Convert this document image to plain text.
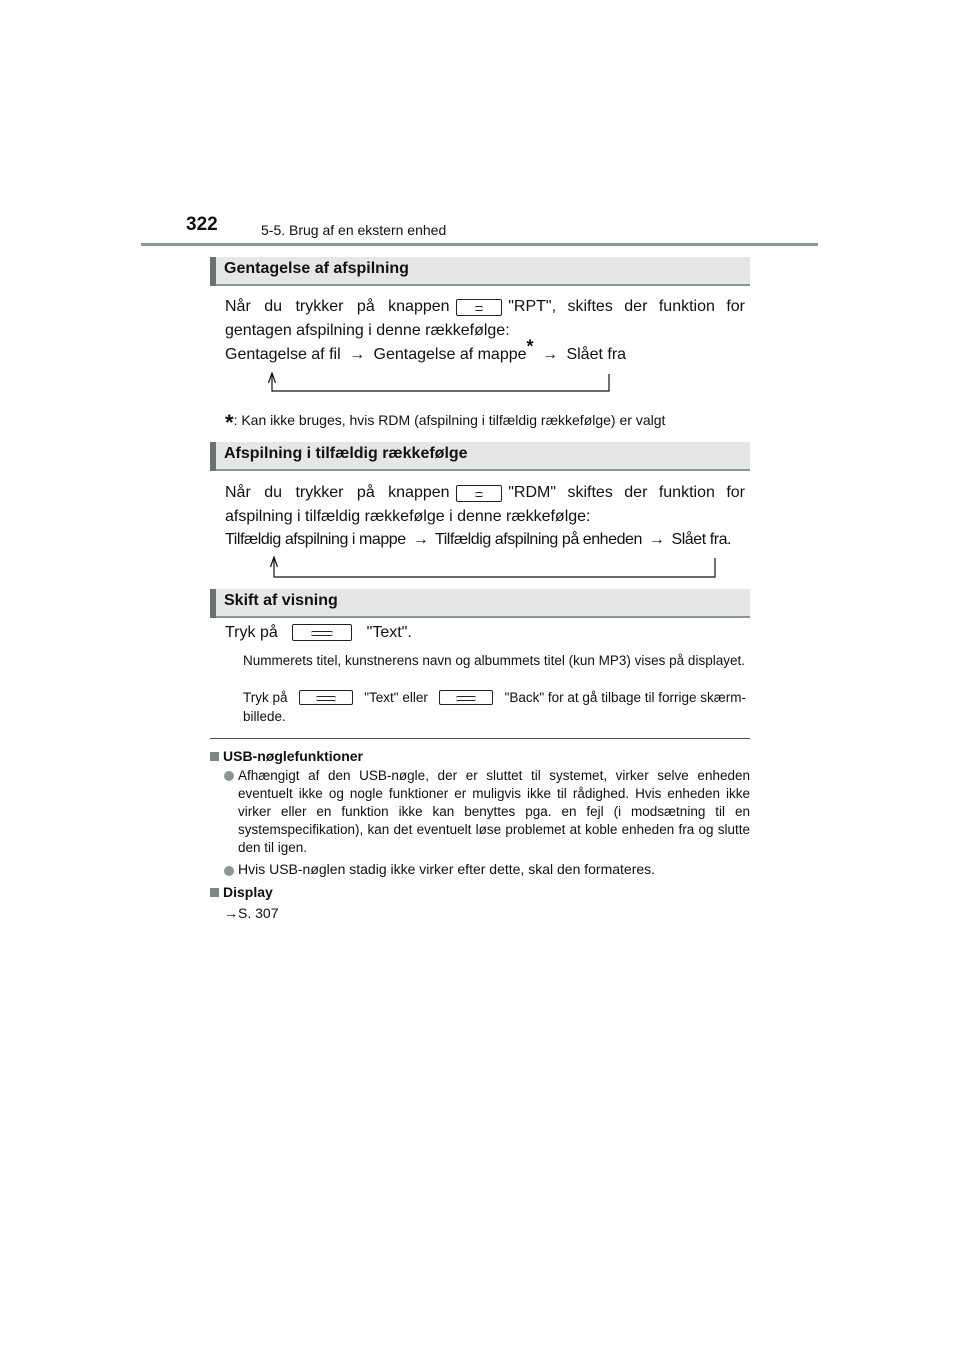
322	5-5. Brug af en ekstern enhed
Gentagelse af afspilning
Når du trykker på knappen	"RPT", skiftes der funktion for
gentagen afspilning i denne rækkefølge:
Gentagelse af fil → Gentagelse af mappe* → Slået fra
*: Kan ikke bruges, hvis RDM (afspilning i tilfældig rækkefølge) er valgt
Afspilning i tilfældig rækkefølge
Når du trykker på knappen	"RDM" skiftes der funktion for
afspilning i tilfældig rækkefølge i denne rækkefølge:
Tilfældig afspilning i mappe → Tilfældig afspilning på enheden → Slået fra.
Skift af visning
Tryk på	"Text".
Nummerets titel, kunstnerens navn og albummets titel (kun MP3) vises på displayet.
Tryk på	"Text" eller	"Back" for at gå tilbage til forrige skærm-
billede.
USB-nøglefunktioner
Afhængigt af den USB-nøgle, der er sluttet til systemet, virker selve enheden eventuelt ikke og nogle funktioner er muligvis ikke til rådighed. Hvis enheden ikke virker eller en funktion ikke kan benyttes pga. en fejl (i modsætning til en systemspecifikation), kan det eventuelt løse problemet at koble enheden fra og slutte den til igen.
Hvis USB-nøglen stadig ikke virker efter dette, skal den formateres.
Display
→S. 307
